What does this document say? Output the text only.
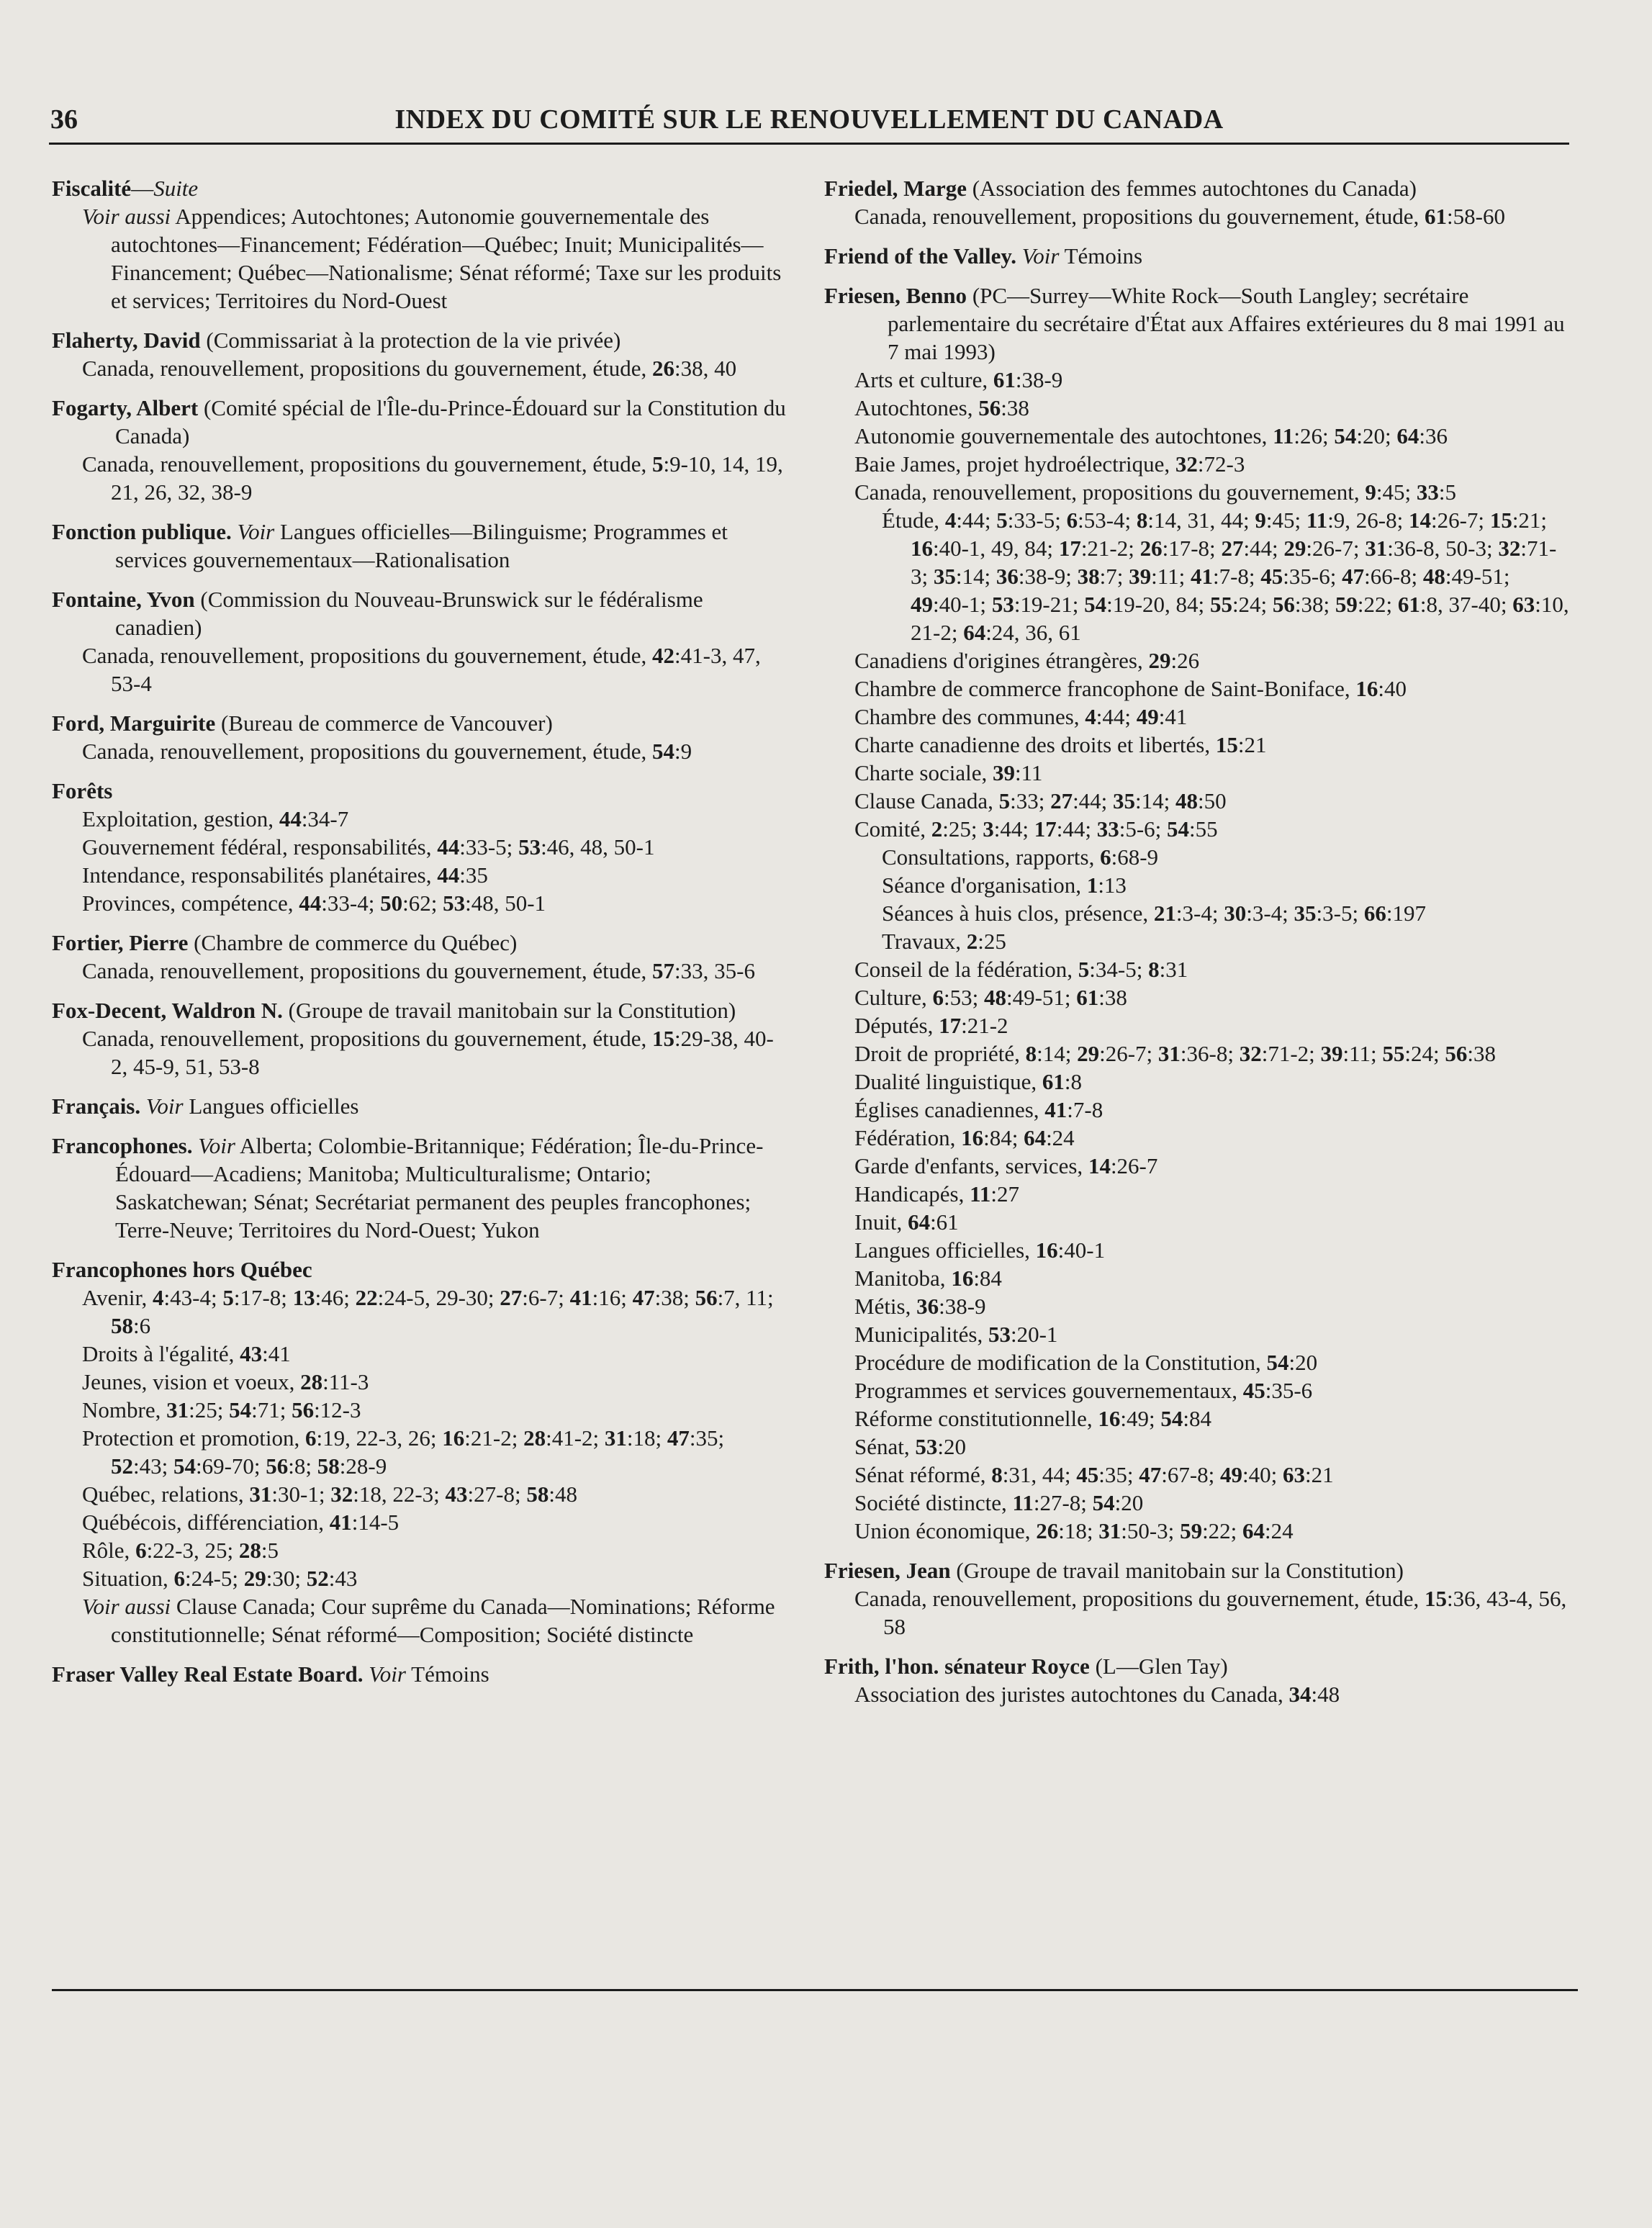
36	INDEX DU COMITÉ SUR LE RENOUVELLEMENT DU CANADA
Fiscalité—Suite
Voir aussi Appendices; Autochtones; Autonomie gouvernementale des autochtones—Financement; Fédération—Québec; Inuit; Municipalités—Financement; Québec—Nationalisme; Sénat réformé; Taxe sur les produits et services; Territoires du Nord-Ouest
Flaherty, David (Commissariat à la protection de la vie privée)
Canada, renouvellement, propositions du gouvernement, étude, 26:38, 40
Fogarty, Albert (Comité spécial de l'Île-du-Prince-Édouard sur la Constitution du Canada)
Canada, renouvellement, propositions du gouvernement, étude, 5:9-10, 14, 19, 21, 26, 32, 38-9
Fonction publique. Voir Langues officielles—Bilinguisme; Programmes et services gouvernementaux—Rationalisation
Fontaine, Yvon (Commission du Nouveau-Brunswick sur le fédéralisme canadien)
Canada, renouvellement, propositions du gouvernement, étude, 42:41-3, 47, 53-4
Ford, Marguirite (Bureau de commerce de Vancouver)
Canada, renouvellement, propositions du gouvernement, étude, 54:9
Forêts
Exploitation, gestion, 44:34-7
Gouvernement fédéral, responsabilités, 44:33-5; 53:46, 48, 50-1
Intendance, responsabilités planétaires, 44:35
Provinces, compétence, 44:33-4; 50:62; 53:48, 50-1
Fortier, Pierre (Chambre de commerce du Québec)
Canada, renouvellement, propositions du gouvernement, étude, 57:33, 35-6
Fox-Decent, Waldron N. (Groupe de travail manitobain sur la Constitution)
Canada, renouvellement, propositions du gouvernement, étude, 15:29-38, 40-2, 45-9, 51, 53-8
Français. Voir Langues officielles
Francophones. Voir Alberta; Colombie-Britannique; Fédération; Île-du-Prince-Édouard—Acadiens; Manitoba; Multiculturalisme; Ontario; Saskatchewan; Sénat; Secrétariat permanent des peuples francophones; Terre-Neuve; Territoires du Nord-Ouest; Yukon
Francophones hors Québec
Avenir, 4:43-4; 5:17-8; 13:46; 22:24-5, 29-30; 27:6-7; 41:16; 47:38; 56:7, 11; 58:6
Droits à l'égalité, 43:41
Jeunes, vision et voeux, 28:11-3
Nombre, 31:25; 54:71; 56:12-3
Protection et promotion, 6:19, 22-3, 26; 16:21-2; 28:41-2; 31:18; 47:35; 52:43; 54:69-70; 56:8; 58:28-9
Québec, relations, 31:30-1; 32:18, 22-3; 43:27-8; 58:48
Québécois, différenciation, 41:14-5
Rôle, 6:22-3, 25; 28:5
Situation, 6:24-5; 29:30; 52:43
Voir aussi Clause Canada; Cour suprême du Canada—Nominations; Réforme constitutionnelle; Sénat réformé—Composition; Société distincte
Fraser Valley Real Estate Board. Voir Témoins
Friedel, Marge (Association des femmes autochtones du Canada)
Canada, renouvellement, propositions du gouvernement, étude, 61:58-60
Friend of the Valley. Voir Témoins
Friesen, Benno (PC—Surrey—White Rock—South Langley; secrétaire parlementaire du secrétaire d'État aux Affaires extérieures du 8 mai 1991 au 7 mai 1993)
Arts et culture, 61:38-9
Autochtones, 56:38
Autonomie gouvernementale des autochtones, 11:26; 54:20; 64:36
Baie James, projet hydroélectrique, 32:72-3
Canada, renouvellement, propositions du gouvernement, 9:45; 33:5
Étude, 4:44; 5:33-5; 6:53-4; 8:14, 31, 44; 9:45; 11:9, 26-8; 14:26-7; 15:21; 16:40-1, 49, 84; 17:21-2; 26:17-8; 27:44; 29:26-7; 31:36-8, 50-3; 32:71-3; 35:14; 36:38-9; 38:7; 39:11; 41:7-8; 45:35-6; 47:66-8; 48:49-51; 49:40-1; 53:19-21; 54:19-20, 84; 55:24; 56:38; 59:22; 61:8, 37-40; 63:10, 21-2; 64:24, 36, 61
Canadiens d'origines étrangères, 29:26
Chambre de commerce francophone de Saint-Boniface, 16:40
Chambre des communes, 4:44; 49:41
Charte canadienne des droits et libertés, 15:21
Charte sociale, 39:11
Clause Canada, 5:33; 27:44; 35:14; 48:50
Comité, 2:25; 3:44; 17:44; 33:5-6; 54:55
Consultations, rapports, 6:68-9
Séance d'organisation, 1:13
Séances à huis clos, présence, 21:3-4; 30:3-4; 35:3-5; 66:197
Travaux, 2:25
Conseil de la fédération, 5:34-5; 8:31
Culture, 6:53; 48:49-51; 61:38
Députés, 17:21-2
Droit de propriété, 8:14; 29:26-7; 31:36-8; 32:71-2; 39:11; 55:24; 56:38
Dualité linguistique, 61:8
Églises canadiennes, 41:7-8
Fédération, 16:84; 64:24
Garde d'enfants, services, 14:26-7
Handicapés, 11:27
Inuit, 64:61
Langues officielles, 16:40-1
Manitoba, 16:84
Métis, 36:38-9
Municipalités, 53:20-1
Procédure de modification de la Constitution, 54:20
Programmes et services gouvernementaux, 45:35-6
Réforme constitutionnelle, 16:49; 54:84
Sénat, 53:20
Sénat réformé, 8:31, 44; 45:35; 47:67-8; 49:40; 63:21
Société distincte, 11:27-8; 54:20
Union économique, 26:18; 31:50-3; 59:22; 64:24
Friesen, Jean (Groupe de travail manitobain sur la Constitution)
Canada, renouvellement, propositions du gouvernement, étude, 15:36, 43-4, 56, 58
Frith, l'hon. sénateur Royce (L—Glen Tay)
Association des juristes autochtones du Canada, 34:48
